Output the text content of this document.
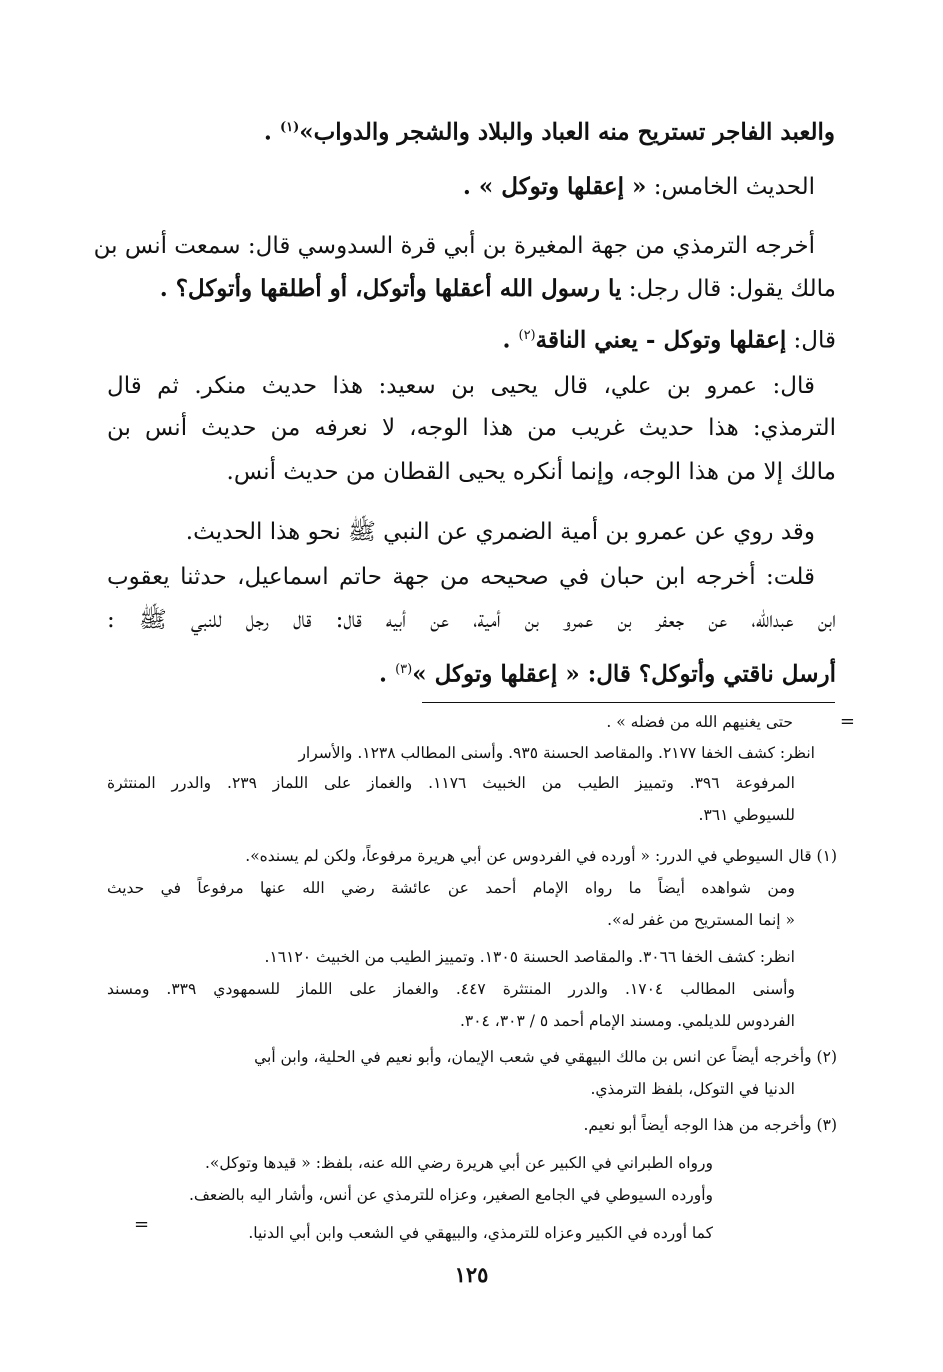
والعبد الفاجر تستريح منه العباد والبلاد والشجر والدواب»$^{(١)}$ .
الحديث الخامس: « إعقلها وتوكل » .
أخرجه الترمذي من جهة المغيرة بن أبي قرة السدوسي قال: سمعت أنس بن
مالك يقول: قال رجل: يا رسول الله أعقلها وأتوكل، أو أطلقها وأتوكل؟ .
قال: إعقلها وتوكل - يعني الناقة$^{(٢)}$ .
قال: عمرو بن علي، قال يحيى بن سعيد: هذا حديث منكر. ثم قال
الترمذي: هذا حديث غريب من هذا الوجه، لا نعرفه من حديث أنس بن
مالك إلا من هذا الوجه، وإنما أنكره يحيى القطان من حديث أنس.
وقد روي عن عمرو بن أمية الضمري عن النبي ﷺ نحو هذا الحديث.
قلت: أخرجه ابن حبان في صحيحه من جهة حاتم اسماعيل، حدثنا يعقوب
ابن عبدالله، عن جعفر بن عمرو بن أمية، عن أبيه قال: قال رجل للنبي ﷺ :
أرسل ناقتي وأتوكل؟ قال: « إعقلها وتوكل »$^{(٣)}$ .
=
حتى يغنيهم الله من فضله » .
انظر: كشف الخفا ٢١٧٧. والمقاصد الحسنة ٩٣٥. وأسنى المطالب ١٢٣٨. والأسرار
المرفوعة ٣٩٦. وتمييز الطيب من الخبيث ١١٧٦. والغماز على اللماز ٢٣٩. والدرر المنتثرة
للسيوطي ٣٦١.
(١) قال السيوطي في الدرر: « أورده في الفردوس عن أبي هريرة مرفوعاً، ولكن لم يسنده».
ومن شواهده أيضاً ما رواه الإمام أحمد عن عائشة رضي الله عنها مرفوعاً في حديث
« إنما المستريح من غفر له».
انظر: كشف الخفا ٣٠٦٦. والمقاصد الحسنة ١٣٠٥. وتمييز الطيب من الخبيث ١٦١٢٠.
وأسنى المطالب ١٧٠٤. والدرر المنتثرة ٤٤٧. والغماز على اللماز للسمهودي ٣٣٩. ومسند
الفردوس للديلمي. ومسند الإمام أحمد ٥ / ٣٠٣، ٣٠٤.
(٢) وأخرجه أيضاً عن انس بن مالك البيهقي في شعب الإيمان، وأبو نعيم في الحلية، وابن أبي
الدنيا في التوكل، بلفظ الترمذي.
(٣) وأخرجه من هذا الوجه أيضاً أبو نعيم.
ورواه الطبراني في الكبير عن أبي هريرة رضي الله عنه، بلفظ: « قيدها وتوكل».
وأورده السيوطي في الجامع الصغير، وعزاه للترمذي عن أنس، وأشار اليه بالضعف.
كما أورده في الكبير وعزاه للترمذي، والبيهقي في الشعب وابن أبي الدنيا.
=
١٢٥
